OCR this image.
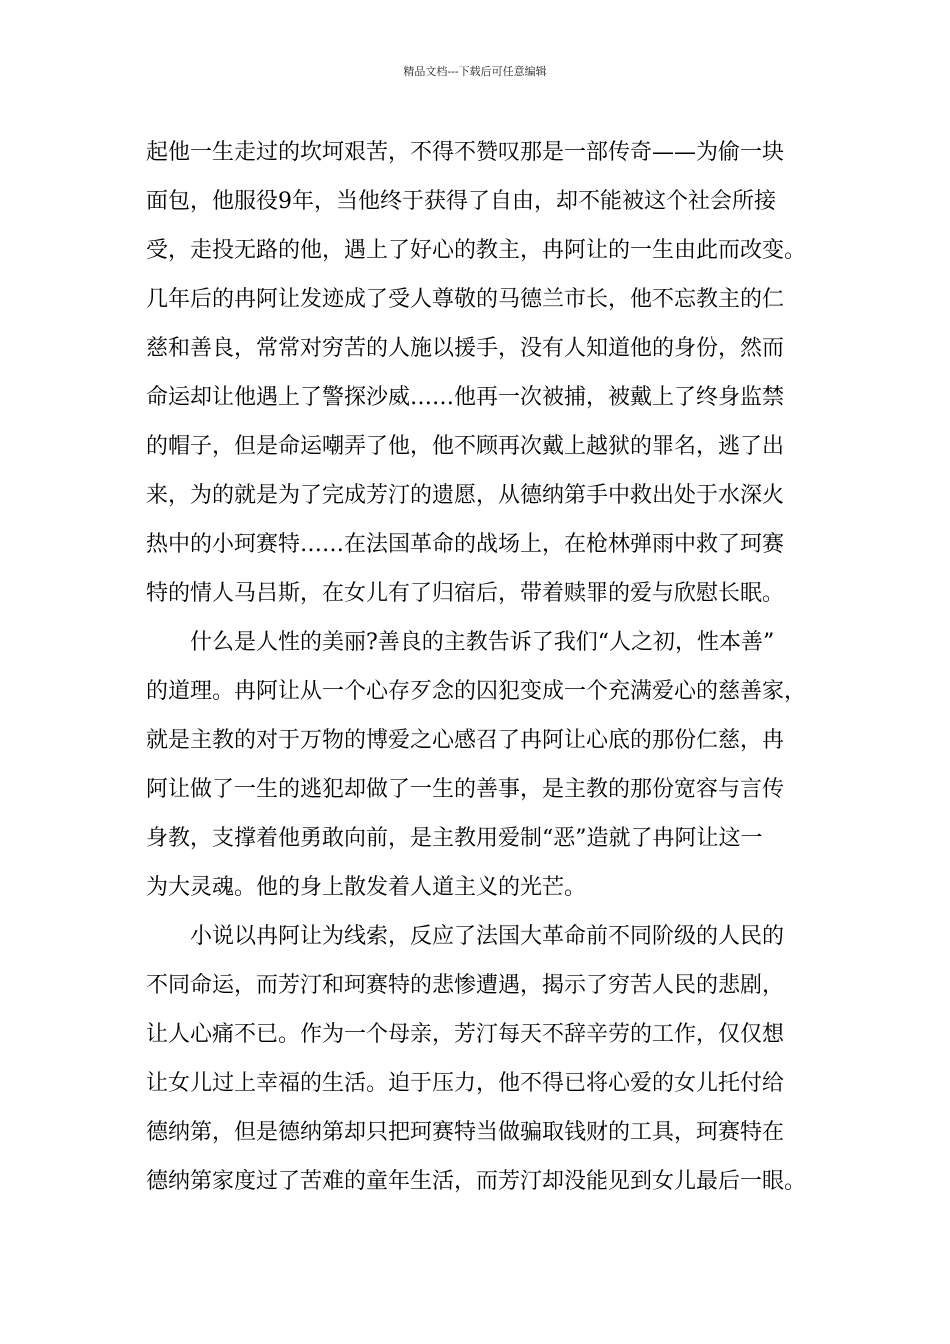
精品文档---下载后可任意编辑
起他一生走过的坎坷艰苦，不得不赞叹那是一部传奇——为偷一块
面包，他服役9年，当他终于获得了自由，却不能被这个社会所接
受，走投无路的他，遇上了好心的教主，冉阿让的一生由此而改变。
几年后的冉阿让发迹成了受人尊敬的马德兰市长，他不忘教主的仁
慈和善良，常常对穷苦的人施以援手，没有人知道他的身份，然而
命运却让他遇上了警探沙威……他再一次被捕，被戴上了终身监禁
的帽子，但是命运嘲弄了他，他不顾再次戴上越狱的罪名，逃了出
来，为的就是为了完成芳汀的遗愿，从德纳第手中救出处于水深火
热中的小珂赛特……在法国革命的战场上，在枪林弹雨中救了珂赛
特的情人马吕斯，在女儿有了归宿后，带着赎罪的爱与欣慰长眠。
什么是人性的美丽?善良的主教告诉了我们“人之初，性本善”
的道理。冉阿让从一个心存歹念的囚犯变成一个充满爱心的慈善家，
就是主教的对于万物的博爱之心感召了冉阿让心底的那份仁慈，冉
阿让做了一生的逃犯却做了一生的善事，是主教的那份宽容与言传
身教，支撑着他勇敢向前，是主教用爱制“恶”造就了冉阿让这一
为大灵魂。他的身上散发着人道主义的光芒。
小说以冉阿让为线索，反应了法国大革命前不同阶级的人民的
不同命运，而芳汀和珂赛特的悲惨遭遇，揭示了穷苦人民的悲剧，
让人心痛不已。作为一个母亲，芳汀每天不辞辛劳的工作，仅仅想
让女儿过上幸福的生活。迫于压力，他不得已将心爱的女儿托付给
德纳第，但是德纳第却只把珂赛特当做骗取钱财的工具，珂赛特在
德纳第家度过了苦难的童年生活，而芳汀却没能见到女儿最后一眼。
